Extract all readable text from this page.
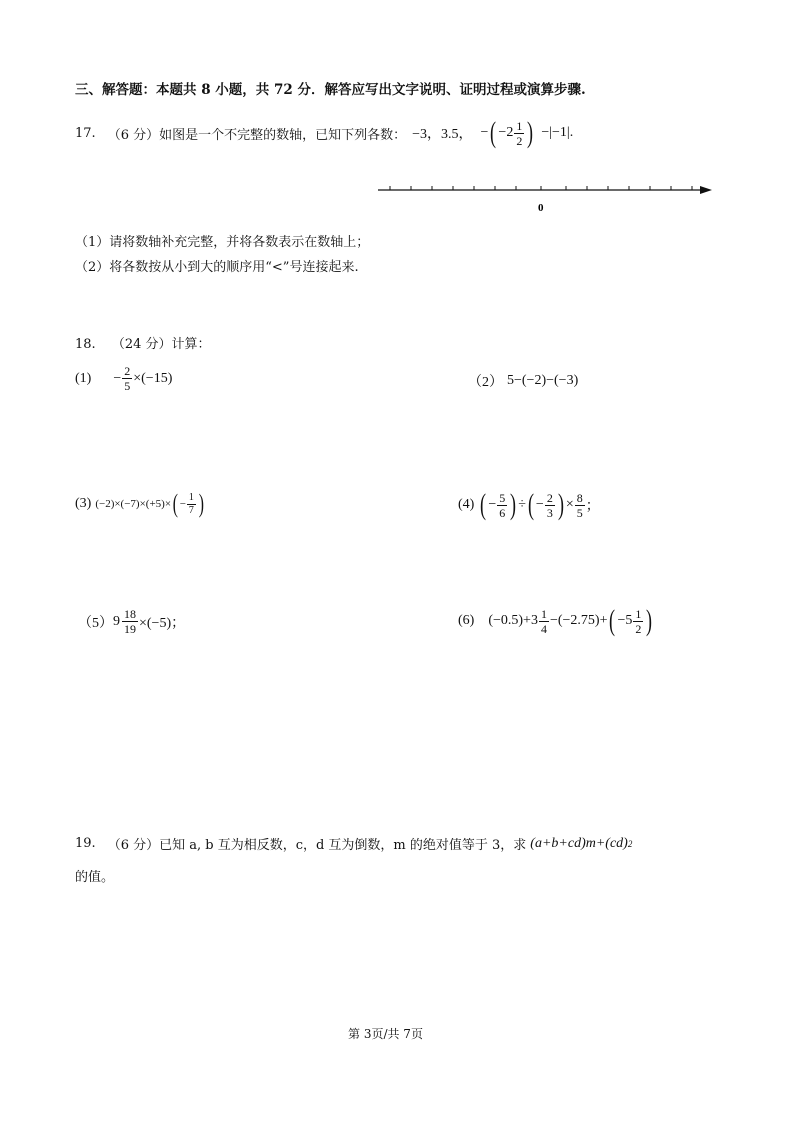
三、解答题：本题共 8 小题，共 72 分．解答应写出文字说明、证明过程或演算步骤.
17. （6 分） 如图是一个不完整的数轴，已知下列各数： −3，3.5， − ( $-2 \frac{1}{2}$ ) −|−1|.
0
（1）请将数轴补充完整，并将各数表示在数轴上；
（2）将各数按从小到大的顺序用“<”号连接起来.
18. （24 分）计算：
$(1) - \frac{2}{5} \times(-15)$	（2） 5−(−2)−(−3)
(3) (−2)×(−7)×(+5)× ( − $\frac{1}{7}$ )	(4) ( − $\frac{5}{6}$ ) ÷ ( − $\frac{2}{3}$ ) × $\frac{8}{5}$ ；
（5） $9 \frac{18}{19} \times(-5)$；	(6) $(-0.5)+3 \frac{1}{4} -(-2.75)+$ ( $-5 \frac{1}{2}$ )
19. （6 分） 已知 a, b 互为相反数，c，d 互为倒数，m 的绝对值等于 3，求 (a+b+cd)m+(cd) 2
的值。
第 3页/共 7页
